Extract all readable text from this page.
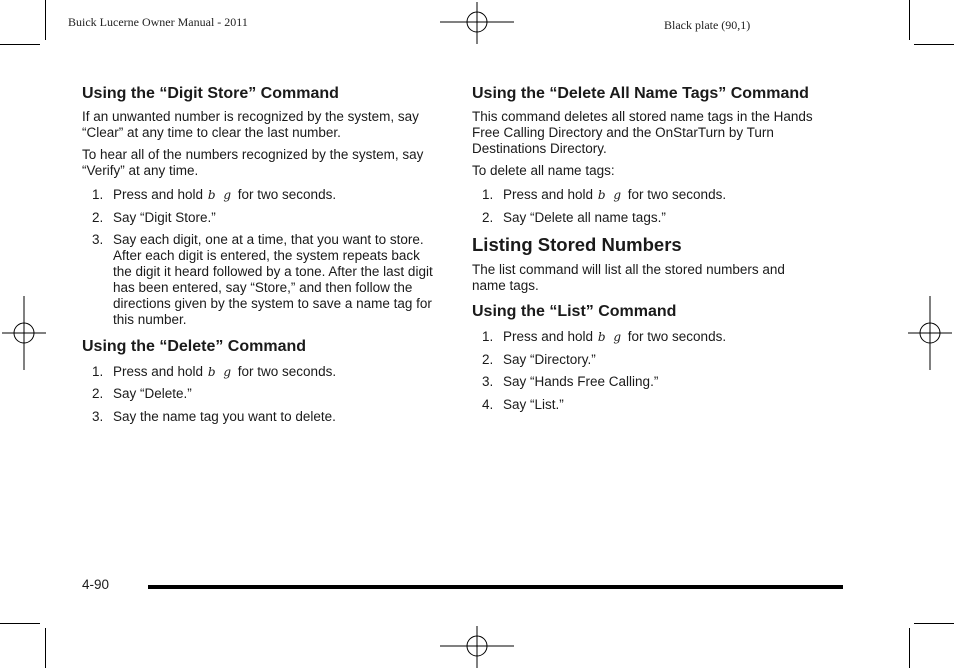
Buick Lucerne Owner Manual - 2011	Black plate (90,1)
Using the “Digit Store” Command

If an unwanted number is recognized by the system, say “Clear” at any time to clear the last number.

To hear all of the numbers recognized by the system, say “Verify” at any time.

1. Press and hold b g for two seconds.
2. Say “Digit Store.”
3. Say each digit, one at a time, that you want to store. After each digit is entered, the system repeats back the digit it heard followed by a tone. After the last digit has been entered, say “Store,” and then follow the directions given by the system to save a name tag for this number.
Using the “Delete” Command
1. Press and hold b g for two seconds.
2. Say “Delete.”
3. Say the name tag you want to delete.
Using the “Delete All Name Tags” Command

This command deletes all stored name tags in the Hands Free Calling Directory and the OnStarTurn by Turn Destinations Directory.

To delete all name tags:

1. Press and hold b g for two seconds.
2. Say “Delete all name tags.”
Listing Stored Numbers

The list command will list all the stored numbers and name tags.

Using the “List” Command
1. Press and hold b g for two seconds.
2. Say “Directory.”
3. Say “Hands Free Calling.”
4. Say “List.”
4-90
